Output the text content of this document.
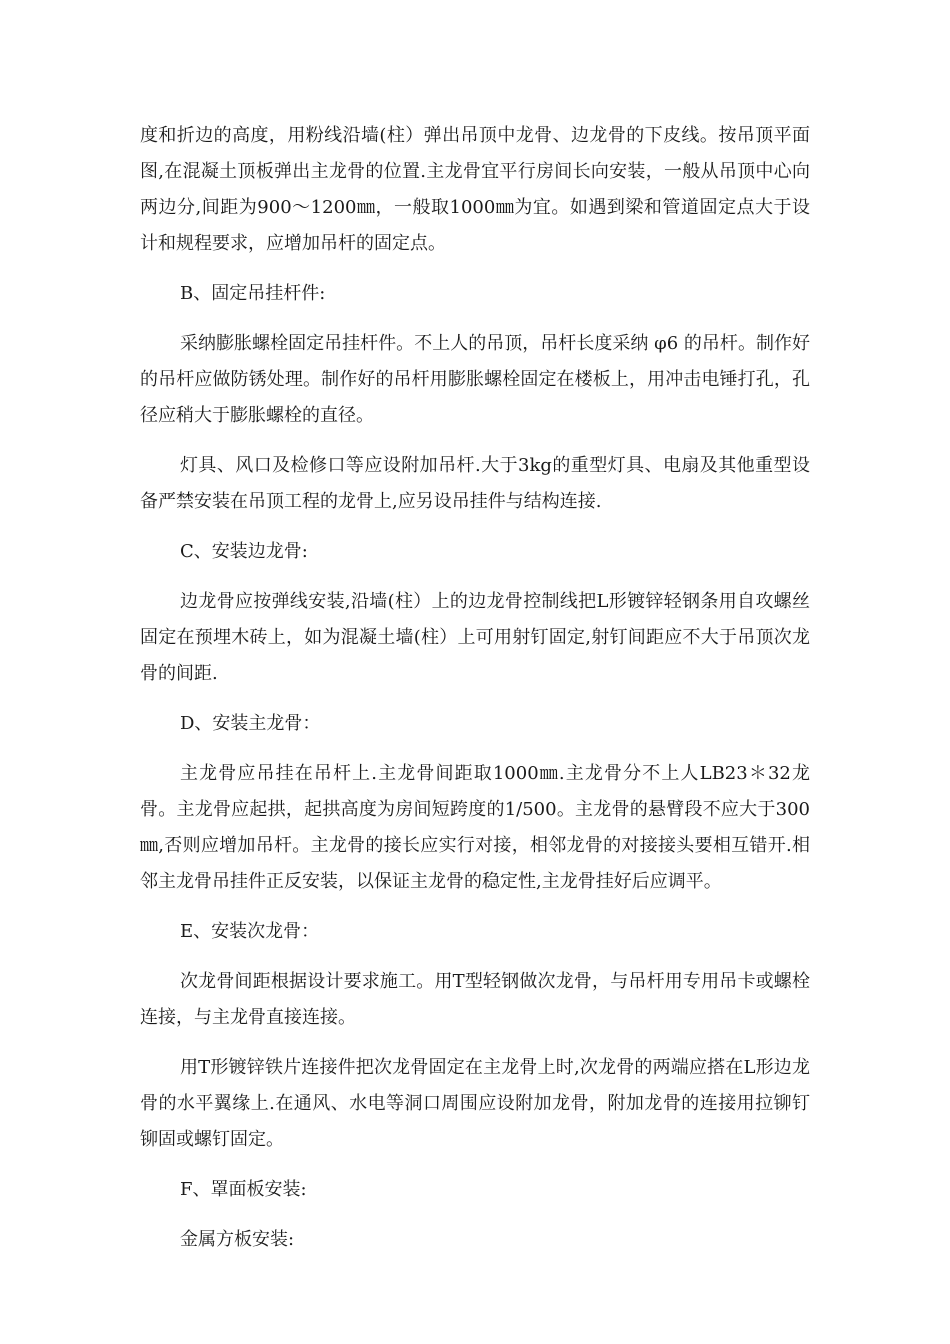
度和折边的高度，用粉线沿墙(柱）弹出吊顶中龙骨、边龙骨的下皮线。按吊顶平面图,在混凝土顶板弹出主龙骨的位置.主龙骨宜平行房间长向安装，一般从吊顶中心向两边分,间距为900～1200㎜，一般取1000㎜为宜。如遇到梁和管道固定点大于设计和规程要求，应增加吊杆的固定点。

B、固定吊挂杆件:

采纳膨胀螺栓固定吊挂杆件。不上人的吊顶，吊杆长度采纳 φ6 的吊杆。制作好的吊杆应做防锈处理。制作好的吊杆用膨胀螺栓固定在楼板上，用冲击电锤打孔，孔径应稍大于膨胀螺栓的直径。

灯具、风口及检修口等应设附加吊杆.大于3kg的重型灯具、电扇及其他重型设备严禁安装在吊顶工程的龙骨上,应另设吊挂件与结构连接.

C、安装边龙骨:

边龙骨应按弹线安装,沿墙(柱）上的边龙骨控制线把L形镀锌轻钢条用自攻螺丝固定在预埋木砖上，如为混凝土墙(柱）上可用射钉固定,射钉间距应不大于吊顶次龙骨的间距.

D、安装主龙骨：

主龙骨应吊挂在吊杆上.主龙骨间距取1000㎜.主龙骨分不上人LB23＊32龙骨。主龙骨应起拱，起拱高度为房间短跨度的1/500。主龙骨的悬臂段不应大于300㎜,否则应增加吊杆。主龙骨的接长应实行对接，相邻龙骨的对接接头要相互错开.相邻主龙骨吊挂件正反安装，以保证主龙骨的稳定性,主龙骨挂好后应调平。

E、安装次龙骨：

次龙骨间距根据设计要求施工。用T型轻钢做次龙骨，与吊杆用专用吊卡或螺栓连接，与主龙骨直接连接。

用T形镀锌铁片连接件把次龙骨固定在主龙骨上时,次龙骨的两端应搭在L形边龙骨的水平翼缘上.在通风、水电等洞口周围应设附加龙骨，附加龙骨的连接用拉铆钉铆固或螺钉固定。

F、罩面板安装:

金属方板安装:
